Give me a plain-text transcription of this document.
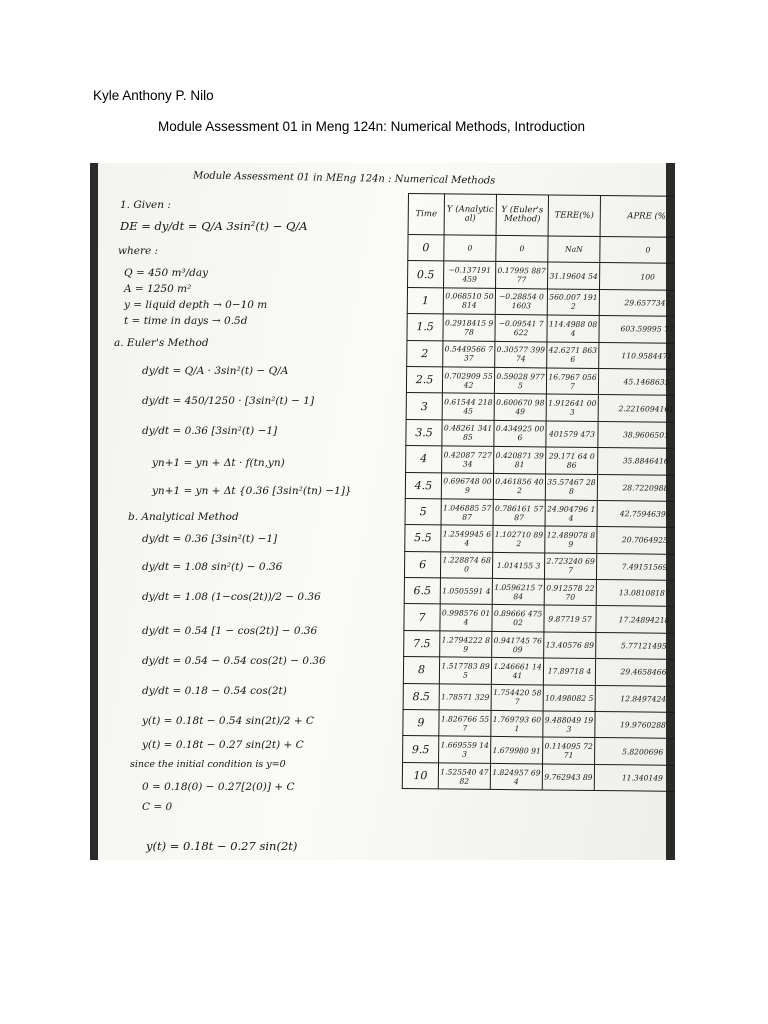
Kyle Anthony P. Nilo
Module Assessment 01 in Meng 124n: Numerical Methods, Introduction
Module Assessment 01 in MEng 124n : Numerical Methods
1. Given :
DE = dy/dt = Q/A 3sin²(t) − Q/A
where :
Q = 450 m³/day
A = 1250 m²
y = liquid depth → 0−10 m
t = time in days → 0.5d
a. Euler's Method
dy/dt = Q/A · 3sin²(t) − Q/A
dy/dt = 450/1250 · [3sin²(t) − 1]
dy/dt = 0.36 [3sin²(t) −1]
yn+1 = yn + Δt · f(tn,yn)
yn+1 = yn + Δt {0.36 [3sin²(tn) −1]}
b. Analytical Method
dy/dt = 0.36 [3sin²(t) −1]
dy/dt = 1.08 sin²(t) − 0.36
dy/dt = 1.08 (1−cos(2t))/2 − 0.36
dy/dt = 0.54 [1 − cos(2t)] − 0.36
dy/dt = 0.54 − 0.54 cos(2t) − 0.36
dy/dt = 0.18 − 0.54 cos(2t)
y(t) = 0.18t − 0.54 sin(2t)/2 + C
y(t) = 0.18t − 0.27 sin(2t) + C
since the initial condition is y=0
0 = 0.18(0) − 0.27[2(0)] + C
C = 0
y(t) = 0.18t − 0.27 sin(2t)
Time	Y (Analytical)	Y (Euler's Method)	TERE(%)	APRE (%)
0	0	0	NaN	0
0.5	−0.137191 459	0.17995 88777	31.19604 54	100
1	0.068510 50814	−0.28854 01603	560.007 1912	29.6577341
1.5	0.2918415 978	−0.09541 7622	114.4988 084	603.59995 77
2	0.5449566 737	0.30577 39974	42.6271 8636	110.9584471
2.5	0.702909 5542	0.59028 9775	16.7967 0567	45.1468635
3	0.61544 21845	0.600670 9849	1.912641 003	2.2216094161
3.5	0.48261 34185	0.434925 006	401579 473	38.9606501
4	0.42087 72734	0.420871 3981	29.171 64 086	35.8846416
4.5	0.696748 009	0.461856 402	35.57467 288	28.7220988
5	1.046885 5787	0.786161 5787	24.904796 14	42.75946396
5.5	1.2549945 64	1.102710 892	12.489078 89	20.7064925
6	1.228874 680	1.014155 3	2.723240 697	7.49151569
6.5	1.0505591 4	1.0596215 784	0.912578 2270	13.08108187
7	0.998576 014	0.89666 47502	9.87719 57	17.24894218
7.5	1.2794222 89	0.941745 7609	13.40576 89	5.77121495
8	1.517783 895	1.246661 1441	17.89718 4	29.4658466
8.5	1.78571 329	1.754420 587	10.498082 5	12.8497424
9	1.826766 557	1.769793 601	9.488049 193	19.9760288
9.5	1.669559 143	1.679980 91	0.114095 7271	5.8200696
10	1.525540 4782	1.824957 694	9.762943 89	11.340149
